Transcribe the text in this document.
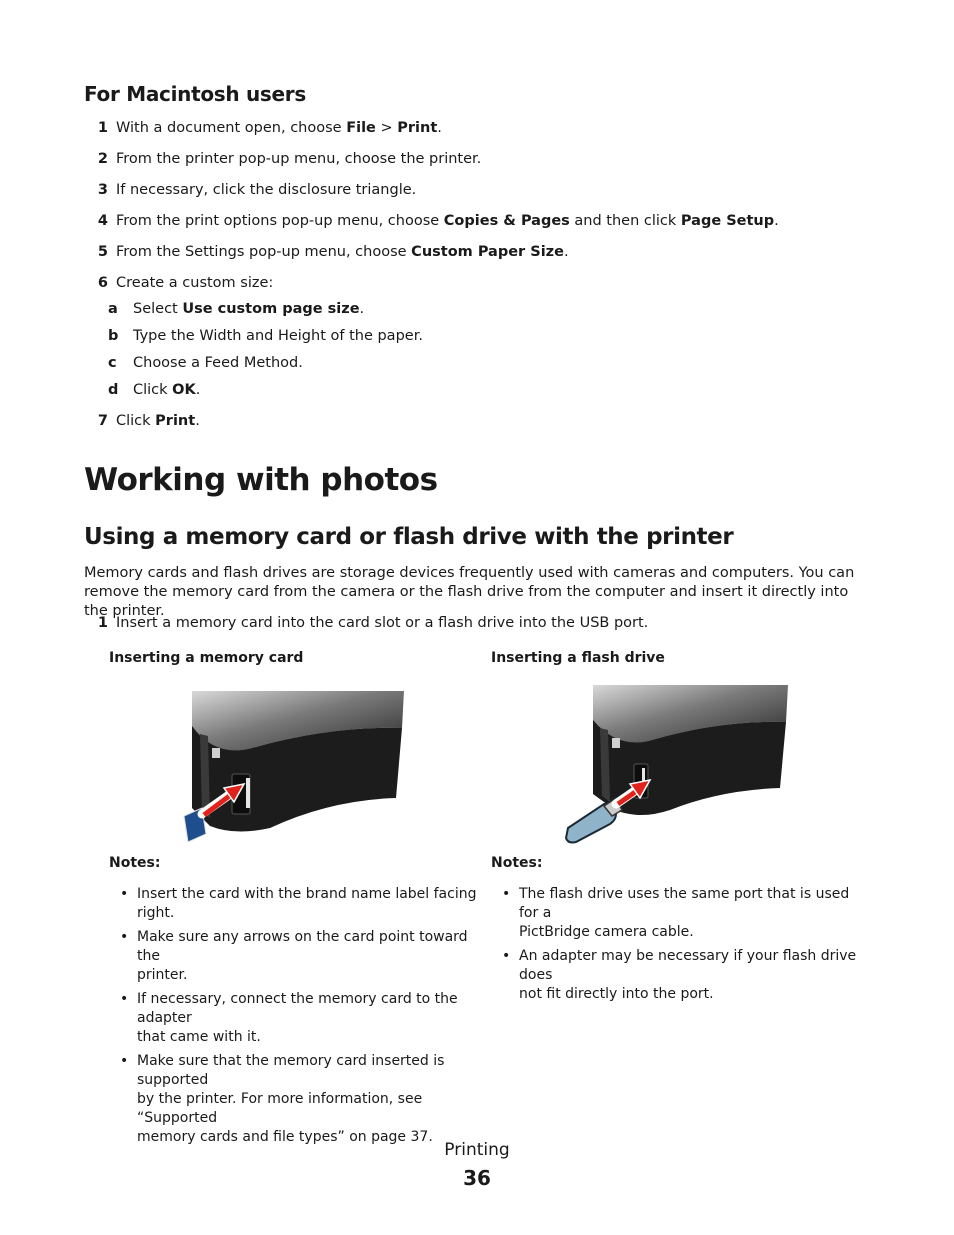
For Macintosh users
1 With a document open, choose File > Print.
2 From the printer pop-up menu, choose the printer.
3 If necessary, click the disclosure triangle.
4 From the print options pop-up menu, choose Copies & Pages and then click Page Setup.
5 From the Settings pop-up menu, choose Custom Paper Size.
6 Create a custom size:
a Select Use custom page size.
b Type the Width and Height of the paper.
c Choose a Feed Method.
d Click OK.
7 Click Print.
Working with photos
Using a memory card or flash drive with the printer
Memory cards and flash drives are storage devices frequently used with cameras and computers. You can remove the memory card from the camera or the flash drive from the computer and insert it directly into the printer.
1 Insert a memory card into the card slot or a flash drive into the USB port.
Inserting a memory card	Inserting a flash drive
Notes:	Notes:
• Insert the card with the brand name label facing right.
• Make sure any arrows on the card point toward the
printer.
• If necessary, connect the memory card to the adapter
that came with it.
• Make sure that the memory card inserted is supported
by the printer. For more information, see “Supported
memory cards and file types” on page 37.
• The flash drive uses the same port that is used for a
PictBridge camera cable.
• An adapter may be necessary if your flash drive does
not fit directly into the port.
Printing
36
